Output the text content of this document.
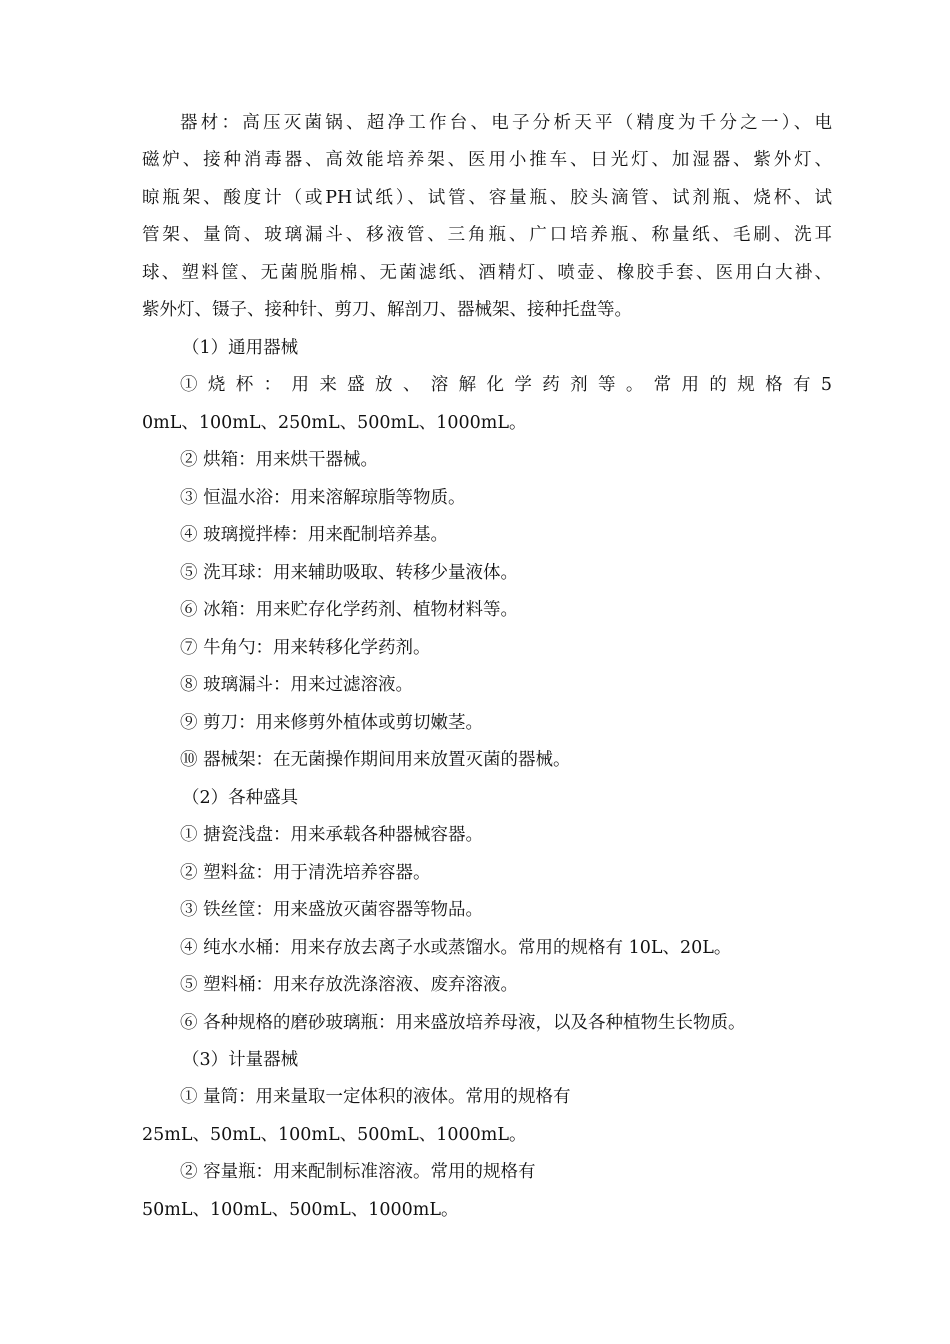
器材：高压灭菌锅、超净工作台、电子分析天平（精度为千分之一）、电
磁炉、接种消毒器、高效能培养架、医用小推车、日光灯、加湿器、紫外灯、
晾瓶架、酸度计（或PH试纸）、试管、容量瓶、胶头滴管、试剂瓶、烧杯、试
管架、量筒、玻璃漏斗、移液管、三角瓶、广口培养瓶、称量纸、毛刷、洗耳
球、塑料筐、无菌脱脂棉、无菌滤纸、酒精灯、喷壶、橡胶手套、医用白大褂、
紫外灯、镊子、接种针、剪刀、解剖刀、器械架、接种托盘等。
（1）通用器械
① 烧 杯 ： 用 来 盛 放 、 溶 解 化 学 药 剂 等 。 常 用 的 规 格 有 5
0mL、100mL、250mL、500mL、1000mL。
② 烘箱：用来烘干器械。
③ 恒温水浴：用来溶解琼脂等物质。
④ 玻璃搅拌棒：用来配制培养基。
⑤ 洗耳球：用来辅助吸取、转移少量液体。
⑥ 冰箱：用来贮存化学药剂、植物材料等。
⑦ 牛角勺：用来转移化学药剂。
⑧ 玻璃漏斗：用来过滤溶液。
⑨ 剪刀：用来修剪外植体或剪切嫩茎。
⑩ 器械架：在无菌操作期间用来放置灭菌的器械。
（2）各种盛具
① 搪瓷浅盘：用来承载各种器械容器。
② 塑料盆：用于清洗培养容器。
③ 铁丝筐：用来盛放灭菌容器等物品。
④ 纯水水桶：用来存放去离子水或蒸馏水。常用的规格有 10L、20L。
⑤ 塑料桶：用来存放洗涤溶液、废弃溶液。
⑥ 各种规格的磨砂玻璃瓶：用来盛放培养母液，以及各种植物生长物质。
（3）计量器械
① 量筒：用来量取一定体积的液体。常用的规格有
25mL、50mL、100mL、500mL、1000mL。
② 容量瓶：用来配制标准溶液。常用的规格有
50mL、100mL、500mL、1000mL。
